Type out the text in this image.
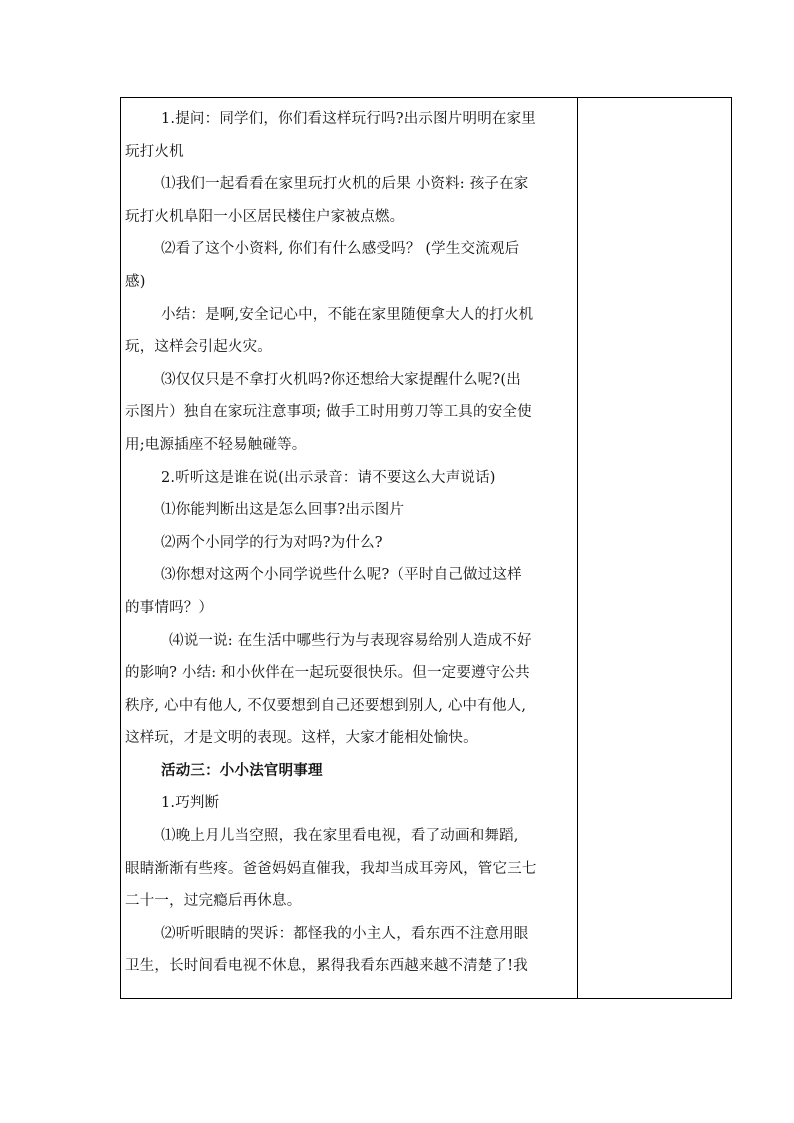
1.提问：同学们，你们看这样玩行吗?出示图片明明在家里
玩打火机
⑴我们一起看看在家里玩打火机的后果 小资料: 孩子在家
玩打火机阜阳一小区居民楼住户家被点燃。
⑵看了这个小资料, 你们有什么感受吗？ (学生交流观后
感)
小结：是啊,安全记心中，不能在家里随便拿大人的打火机
玩，这样会引起火灾。
⑶仅仅只是不拿打火机吗?你还想给大家提醒什么呢?(出
示图片）独自在家玩注意事项; 做手工时用剪刀等工具的安全使
用;电源插座不轻易触碰等。
2.听听这是谁在说(出示录音：请不要这么大声说话)
⑴你能判断出这是怎么回事?出示图片
⑵两个小同学的行为对吗?为什么?
⑶你想对这两个小同学说些什么呢?（平时自己做过这样
的事情吗？）
⑷说一说: 在生活中哪些行为与表现容易给别人造成不好
的影响? 小结: 和小伙伴在一起玩耍很快乐。但一定要遵守公共
秩序, 心中有他人, 不仅要想到自己还要想到别人, 心中有他人,
这样玩，才是文明的表现。这样，大家才能相处愉快。
活动三：小小法官明事理
1.巧判断
⑴晚上月儿当空照，我在家里看电视，看了动画和舞蹈,
眼睛渐渐有些疼。爸爸妈妈直催我，我却当成耳旁风，管它三七
二十一，过完瘾后再休息。
⑵听听眼睛的哭诉：都怪我的小主人，看东西不注意用眼
卫生，长时间看电视不休息，累得我看东西越来越不清楚了!我
